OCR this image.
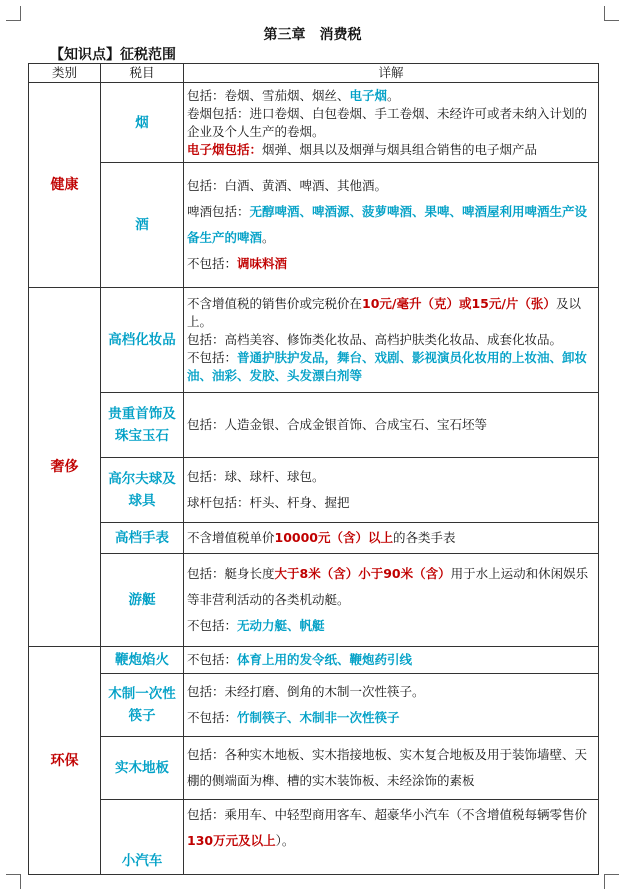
第三章　消费税
【知识点】征税范围
类别	税目	详解
健康	烟	包括：卷烟、雪茄烟、烟丝、电子烟。
卷烟包括：进口卷烟、白包卷烟、手工卷烟、未经许可或者未纳入计划的企业及个人生产的卷烟。
电子烟包括：烟弹、烟具以及烟弹与烟具组合销售的电子烟产品

	酒	包括：白酒、黄酒、啤酒、其他酒。
啤酒包括：无醇啤酒、啤酒源、菠萝啤酒、果啤、啤酒屋利用啤酒生产设备生产的啤酒。
不包括：调味料酒

奢侈	高档化妆品	不含增值税的销售价或完税价在10元/毫升（克）或15元/片（张）及以上。
包括：高档美容、修饰类化妆品、高档护肤类化妆品、成套化妆品。
不包括：普通护肤护发品，舞台、戏剧、影视演员化妆用的上妆油、卸妆油、油彩、发胶、头发漂白剂等

	贵重首饰及珠宝玉石	包括：人造金银、合成金银首饰、合成宝石、宝石坯等

	高尔夫球及球具	包括：球、球杆、球包。
球杆包括：杆头、杆身、握把

	高档手表	不含增值税单价10000元（含）以上的各类手表

	游艇	包括：艇身长度大于8米（含）小于90米（含）用于水上运动和休闲娱乐等非营利活动的各类机动艇。
不包括：无动力艇、帆艇

环保	鞭炮焰火	不包括：体育上用的发令纸、鞭炮药引线

	木制一次性筷子	包括：未经打磨、倒角的木制一次性筷子。
不包括：竹制筷子、木制非一次性筷子

	实木地板	包括：各种实木地板、实木指接地板、实木复合地板及用于装饰墙壁、天棚的侧端面为榫、槽的实木装饰板、未经涂饰的素板

	小汽车	包括：乘用车、中轻型商用客车、超豪华小汽车（不含增值税每辆零售价130万元及以上）。
